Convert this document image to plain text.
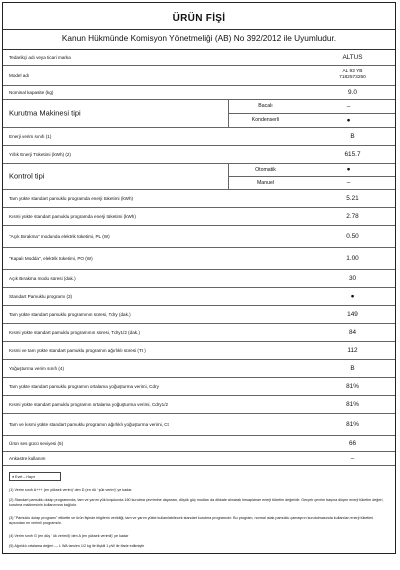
ÜRÜN FİŞİ
Kanun Hükmünde Komisyon Yönetmeliği (AB) No 392/2012 ile Uyumludur.
Tedarikçi adı veya ticari marka	ALTUS
Model adı
AL 93 YB
7182573250
Nominal kapasite (kg)	9.0
Kurutma Makinesi tipi
Bacalı	–
Kondenserli	●
Enerji verim sınıfı (1)	B
Yıllık Enerji Tüketimi (kWh) (2)	615.7
Kontrol tipi
Otomatik	●
Manuel	–
Tam yükte standart pamuklu programda enerji tüketimi (kWh)	5.21
Kısmi yükte standart pamuklu programda enerji tüketimi (kWh)	2.78
"Açık Bırakma" modunda elektrik tüketimi, PL (W)	0.50
"Kapalı Modda", elektrik tüketimi, PO (W)	1.00
Açık Bırakma modu süresi (dak.)	30
Standart Pamuklu programı (3)	●
Tam yükte standart pamuklu programının süresi, Tdry (dak.)	149
Kısmi yükte standart pamuklu programının süresi, Tdry1/2 (dak.)	84
Kısmi ve tam yükte standart pamuklu programın ağırlıklı süresi (Tt )	112
Yoğuşturma verim sınıfı (4)	B
Tam yükte standart pamuklu programın ortalama yoğuşturma verimi, Cdry	81%
Kısmi yükte standart pamuklu programın ortalama yoğuşturma verimi, Cdry1/2	81%
Tam ve kısmi yükte standart pamuklu programın ağırlıklı yoğuşturma verimi, Ct	81%
Ürün ses gücü seviyesi (5)	66
Ankastre kullanım	–
● Evet – Hayır
(1) Verim sınıfı A+++ (en yüksek verim)' den D (en dü ' şük verim)' ye kadar.
(2) Standart pamuklu dolap programında, tam ve yarım yük koşulunda 160 kurutma çevrimine dayanan, düşük güç modları da dikkate alınarak hesaplanan enerji tüketim değeridir. Gerçek çevrim başına düşen enerji tüketim değeri, kurutma makinesinin kullanımına bağlıdır.
(3) "Pamuklu dolap programı" etikette ve ürün fişinde bilgilerin verildiği, tam ve yarım yükte kullanılabilecek standart kurutma programıdır. Bu program, normal ıslak pamuklu çamaşırın kurutulmasında kullanılan enerji tüketimi açısından en verimli programdır.
(4) Verim sınıfı G (en düş ' ük verimli)' den A (en yüksek verimli)' ye kadar
(5) Ağırlıklı ortalama değeri — L WA tam/en 1/2 kg ile ilişkili 1 pW ile ifade edilmiştir
